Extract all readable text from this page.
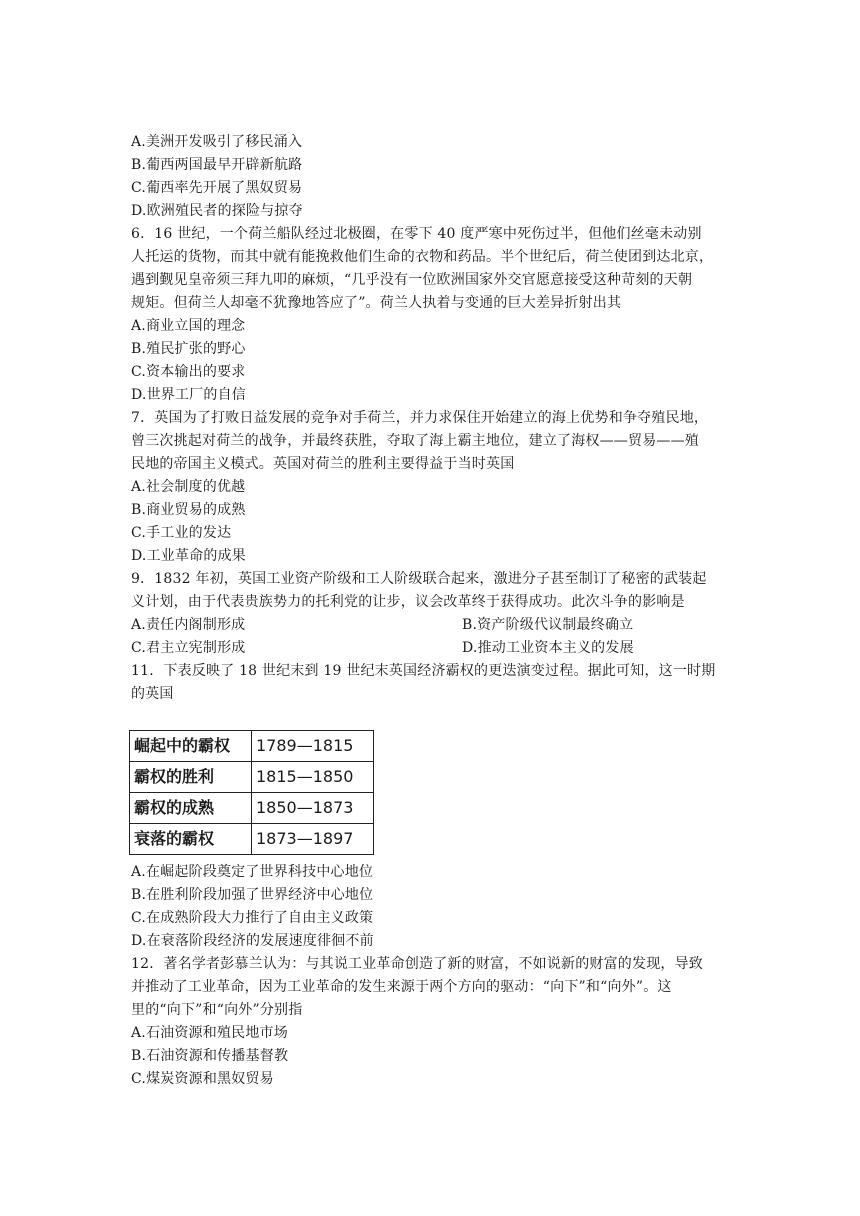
A.美洲开发吸引了移民涌入
B.葡西两国最早开辟新航路
C.葡西率先开展了黑奴贸易
D.欧洲殖民者的探险与掠夺
6．16 世纪，一个荷兰船队经过北极圈，在零下 40 度严寒中死伤过半，但他们丝毫未动别
人托运的货物，而其中就有能挽救他们生命的衣物和药品。半个世纪后，荷兰使团到达北京，
遇到觐见皇帝须三拜九叩的麻烦，“几乎没有一位欧洲国家外交官愿意接受这种苛刻的天朝
规矩。但荷兰人却毫不犹豫地答应了”。荷兰人执着与变通的巨大差异折射出其
A.商业立国的理念
B.殖民扩张的野心
C.资本输出的要求
D.世界工厂的自信
7．英国为了打败日益发展的竞争对手荷兰，并力求保住开始建立的海上优势和争夺殖民地，
曾三次挑起对荷兰的战争，并最终获胜，夺取了海上霸主地位，建立了海权——贸易——殖
民地的帝国主义模式。英国对荷兰的胜利主要得益于当时英国
A.社会制度的优越
B.商业贸易的成熟
C.手工业的发达
D.工业革命的成果
9．1832 年初，英国工业资产阶级和工人阶级联合起来，激进分子甚至制订了秘密的武装起
义计划，由于代表贵族势力的托利党的让步，议会改革终于获得成功。此次斗争的影响是
A.责任内阁制形成	B.资产阶级代议制最终确立
C.君主立宪制形成	D.推动工业资本主义的发展
11．下表反映了 18 世纪末到 19 世纪末英国经济霸权的更迭演变过程。据此可知，这一时期
的英国
崛起中的霸权	1789—1815
霸权的胜利	1815—1850
霸权的成熟	1850—1873
衰落的霸权	1873—1897
A.在崛起阶段奠定了世界科技中心地位
B.在胜利阶段加强了世界经济中心地位
C.在成熟阶段大力推行了自由主义政策
D.在衰落阶段经济的发展速度徘徊不前
12．著名学者彭慕兰认为：与其说工业革命创造了新的财富，不如说新的财富的发现，导致
并推动了工业革命，因为工业革命的发生来源于两个方向的驱动：“向下”和“向外”。这
里的“向下”和“向外”分别指
A.石油资源和殖民地市场
B.石油资源和传播基督教
C.煤炭资源和黑奴贸易
